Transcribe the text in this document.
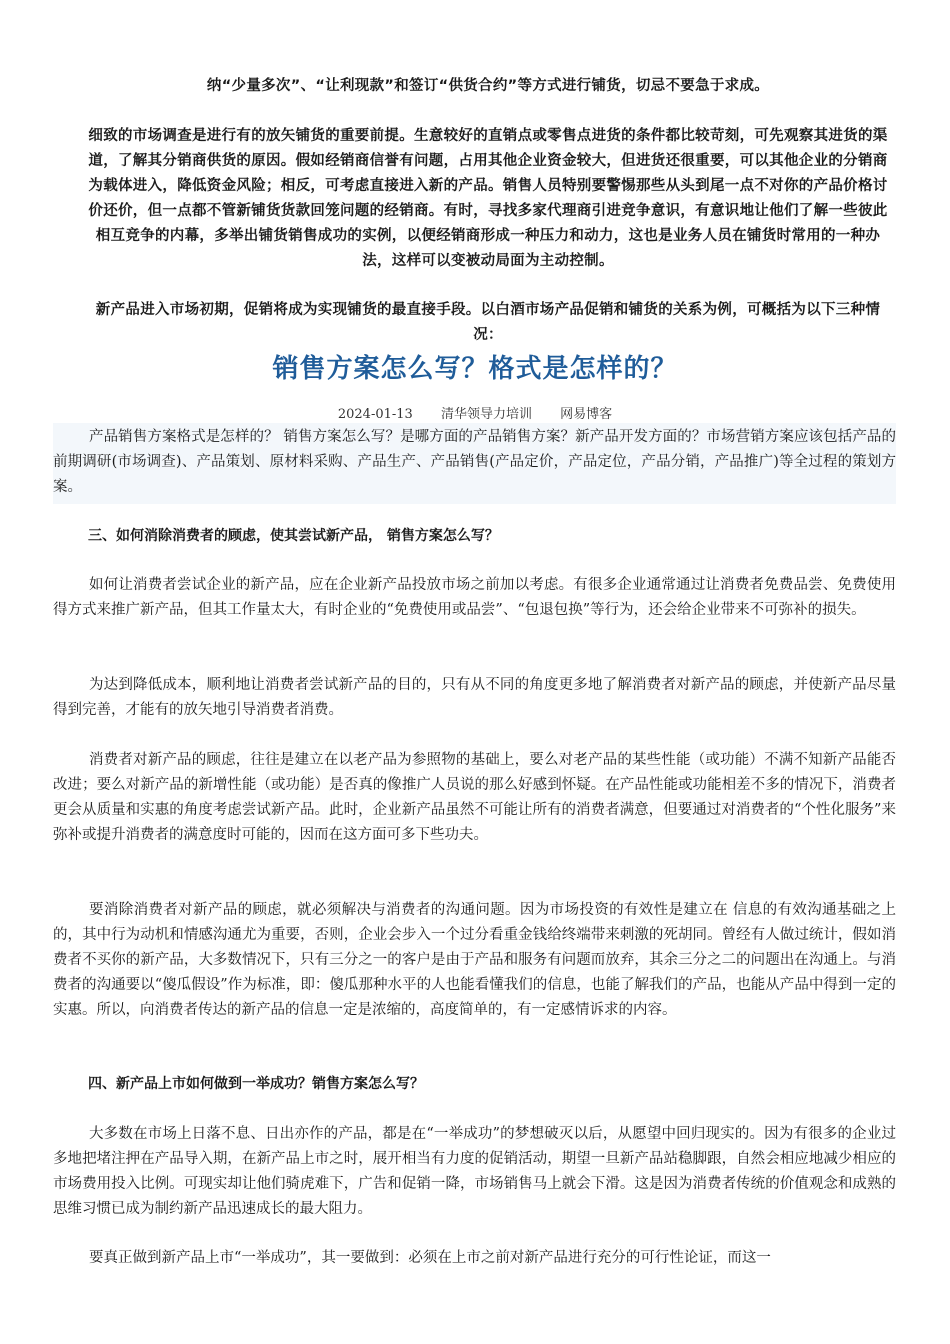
纳“少量多次”、“让利现款”和签订“供货合约”等方式进行铺货，切忌不要急于求成。

细致的市场调查是进行有的放矢铺货的重要前提。生意较好的直销点或零售点进货的条件都比较苛刻，可先观察其进货的渠道，了解其分销商供货的原因。假如经销商信誉有问题，占用其他企业资金较大，但进货还很重要，可以其他企业的分销商为载体进入，降低资金风险；相反，可考虑直接进入新的产品。销售人员特别要警惕那些从头到尾一点不对你的产品价格讨价还价，但一点都不管新铺货货款回笼问题的经销商。有时，寻找多家代理商引进竞争意识，有意识地让他们了解一些彼此相互竞争的内幕，多举出铺货销售成功的实例，以便经销商形成一种压力和动力，这也是业务人员在铺货时常用的一种办法，这样可以变被动局面为主动控制。

新产品进入市场初期，促销将成为实现铺货的最直接手段。以白酒市场产品促销和铺货的关系为例，可概括为以下三种情况：

销售方案怎么写？格式是怎样的？
2024-01-13 清华领导力培训 网易博客

产品销售方案格式是怎样的？ 销售方案怎么写？是哪方面的产品销售方案？新产品开发方面的？市场营销方案应该包括产品的前期调研(市场调查)、产品策划、原材料采购、产品生产、产品销售(产品定价，产品定位，产品分销，产品推广)等全过程的策划方案。

三、如何消除消费者的顾虑，使其尝试新产品， 销售方案怎么写？

如何让消费者尝试企业的新产品，应在企业新产品投放市场之前加以考虑。有很多企业通常通过让消费者免费品尝、免费使用得方式来推广新产品，但其工作量太大，有时企业的“免费使用或品尝”、“包退包换”等行为，还会给企业带来不可弥补的损失。

为达到降低成本，顺利地让消费者尝试新产品的目的，只有从不同的角度更多地了解消费者对新产品的顾虑，并使新产品尽量得到完善，才能有的放矢地引导消费者消费。

消费者对新产品的顾虑，往往是建立在以老产品为参照物的基础上，要么对老产品的某些性能（或功能）不满不知新产品能否改进；要么对新产品的新增性能（或功能）是否真的像推广人员说的那么好感到怀疑。在产品性能或功能相差不多的情况下，消费者更会从质量和实惠的角度考虑尝试新产品。此时，企业新产品虽然不可能让所有的消费者满意，但要通过对消费者的“个性化服务”来弥补或提升消费者的满意度时可能的，因而在这方面可多下些功夫。

要消除消费者对新产品的顾虑，就必须解决与消费者的沟通问题。因为市场投资的有效性是建立在 信息的有效沟通基础之上的，其中行为动机和情感沟通尤为重要，否则，企业会步入一个过分看重金钱给终端带来刺激的死胡同。曾经有人做过统计，假如消费者不买你的新产品，大多数情况下，只有三分之一的客户是由于产品和服务有问题而放弃，其余三分之二的问题出在沟通上。与消费者的沟通要以“傻瓜假设”作为标准，即：傻瓜那种水平的人也能看懂我们的信息，也能了解我们的产品，也能从产品中得到一定的实惠。所以，向消费者传达的新产品的信息一定是浓缩的，高度简单的，有一定感情诉求的内容。

四、新产品上市如何做到一举成功？销售方案怎么写？

大多数在市场上日落不息、日出亦作的产品，都是在“一举成功”的梦想破灭以后，从愿望中回归现实的。因为有很多的企业过多地把堵注押在产品导入期，在新产品上市之时，展开相当有力度的促销活动，期望一旦新产品站稳脚跟，自然会相应地减少相应的市场费用投入比例。可现实却让他们骑虎难下，广告和促销一降，市场销售马上就会下滑。这是因为消费者传统的价值观念和成熟的思维习惯已成为制约新产品迅速成长的最大阻力。

要真正做到新产品上市“一举成功”，其一要做到：必须在上市之前对新产品进行充分的可行性论证，而这一
